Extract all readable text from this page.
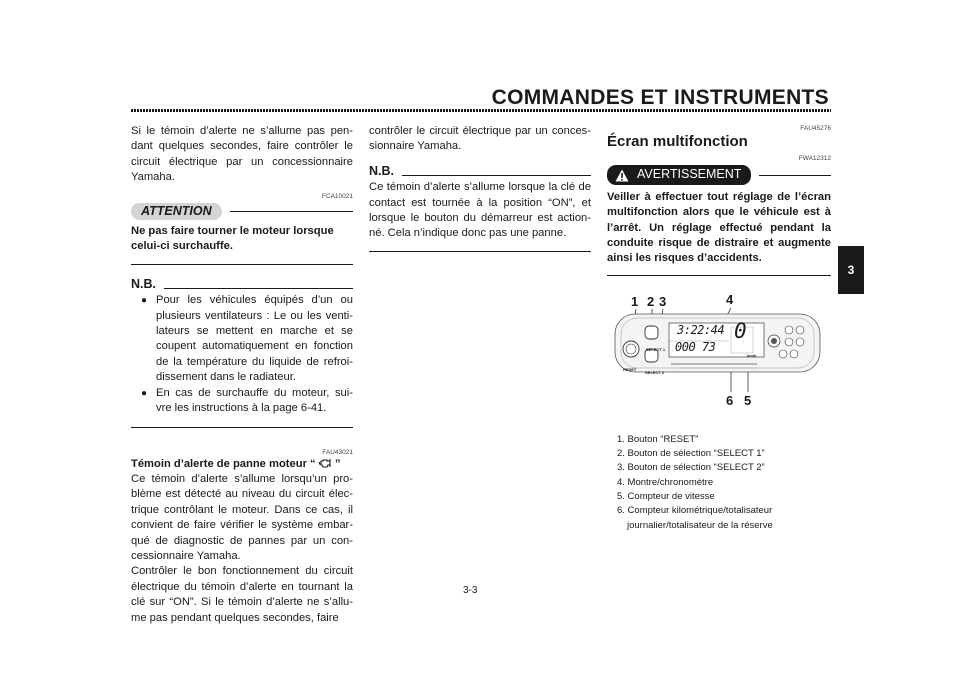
COMMANDES ET INSTRUMENTS
3

Si le témoin d’alerte ne s’allume pas pen-dant quelques secondes, faire contrôler le circuit électrique par un concessionnaire Yamaha.

FCA10021
ATTENTION

Ne pas faire tourner le moteur lorsque celui-ci surchauffe.

N.B.
● Pour les véhicules équipés d’un ou plusieurs ventilateurs : Le ou les venti-lateurs se mettent en marche et se coupent automatiquement en fonction de la température du liquide de refroi-dissement dans le radiateur.
● En cas de surchauffe du moteur, sui-vre les instructions à la page 6-41.
FAU43021
Témoin d’alerte de panne moteur “ ”

Ce témoin d’alerte s’allume lorsqu’un pro-blème est détecté au niveau du circuit élec-trique contrôlant le moteur. Dans ce cas, il convient de faire vérifier le système embar-qué de diagnostic de pannes par un con-cessionnaire Yamaha.

Contrôler le bon fonctionnement du circuit électrique du témoin d’alerte en tournant la clé sur “ON”. Si le témoin d’alerte ne s’allu-me pas pendant quelques secondes, faire

contrôler le circuit électrique par un conces-sionnaire Yamaha.

N.B.

Ce témoin d’alerte s’allume lorsque la clé de contact est tournée à la position “ON”, et lorsque le bouton du démarreur est action-né. Cela n’indique donc pas une panne.

FAU45276
Écran multifonction
FWA12312
AVERTISSEMENT

Veiller à effectuer tout réglage de l’écran multifonction alors que le véhicule est à l’arrêt. Un réglage effectué pendant la conduite risque de distraire et augmente ainsi les risques d’accidents.

1 2 3	4
5
6
RESET
SELECT 1
SELECT 2
3:22:44
000 73
0
km/h
1. Bouton “RESET”
2. Bouton de sélection “SELECT 1”
3. Bouton de sélection “SELECT 2”
4. Montre/chronomètre
5. Compteur de vitesse
6. Compteur kilométrique/totalisateur journalier/totalisateur de la réserve
3-3
